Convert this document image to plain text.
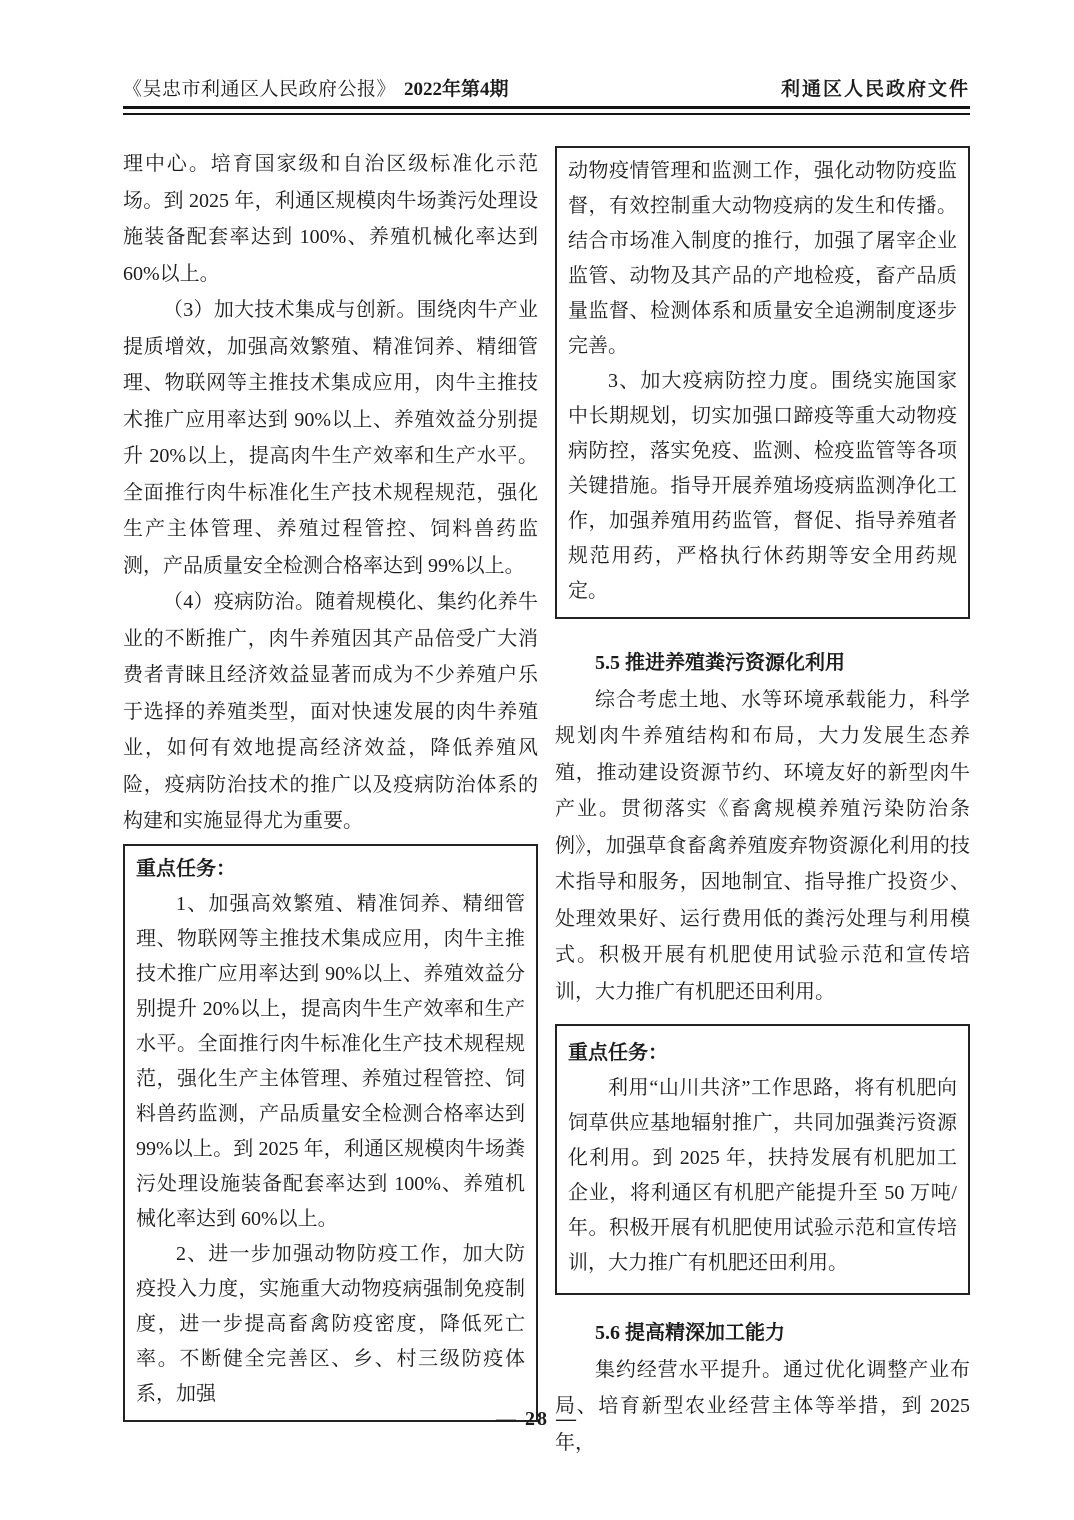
《吴忠市利通区人民政府公报》 2022年第4期	利通区人民政府文件

理中心。培育国家级和自治区级标准化示范场。到 2025 年，利通区规模肉牛场粪污处理设施装备配套率达到 100%、养殖机械化率达到 60%以上。

（3）加大技术集成与创新。围绕肉牛产业提质增效，加强高效繁殖、精准饲养、精细管理、物联网等主推技术集成应用，肉牛主推技术推广应用率达到 90%以上、养殖效益分别提升 20%以上，提高肉牛生产效率和生产水平。全面推行肉牛标准化生产技术规程规范，强化生产主体管理、养殖过程管控、饲料兽药监测，产品质量安全检测合格率达到 99%以上。

（4）疫病防治。随着规模化、集约化养牛业的不断推广，肉牛养殖因其产品倍受广大消费者青睐且经济效益显著而成为不少养殖户乐于选择的养殖类型，面对快速发展的肉牛养殖业，如何有效地提高经济效益，降低养殖风险，疫病防治技术的推广以及疫病防治体系的构建和实施显得尤为重要。

重点任务：

1、加强高效繁殖、精准饲养、精细管理、物联网等主推技术集成应用，肉牛主推技术推广应用率达到 90%以上、养殖效益分别提升 20%以上，提高肉牛生产效率和生产水平。全面推行肉牛标准化生产技术规程规范，强化生产主体管理、养殖过程管控、饲料兽药监测，产品质量安全检测合格率达到 99%以上。到 2025 年，利通区规模肉牛场粪污处理设施装备配套率达到 100%、养殖机械化率达到 60%以上。

2、进一步加强动物防疫工作，加大防疫投入力度，实施重大动物疫病强制免疫制度，进一步提高畜禽防疫密度，降低死亡率。不断健全完善区、乡、村三级防疫体系，加强

动物疫情管理和监测工作，强化动物防疫监督，有效控制重大动物疫病的发生和传播。结合市场准入制度的推行，加强了屠宰企业监管、动物及其产品的产地检疫，畜产品质量监督、检测体系和质量安全追溯制度逐步完善。

3、加大疫病防控力度。围绕实施国家中长期规划，切实加强口蹄疫等重大动物疫病防控，落实免疫、监测、检疫监管等各项关键措施。指导开展养殖场疫病监测净化工作，加强养殖用药监管，督促、指导养殖者规范用药，严格执行休药期等安全用药规定。

5.5 推进养殖粪污资源化利用

综合考虑土地、水等环境承载能力，科学规划肉牛养殖结构和布局，大力发展生态养殖，推动建设资源节约、环境友好的新型肉牛产业。贯彻落实《畜禽规模养殖污染防治条例》，加强草食畜禽养殖废弃物资源化利用的技术指导和服务，因地制宜、指导推广投资少、处理效果好、运行费用低的粪污处理与利用模式。积极开展有机肥使用试验示范和宣传培训，大力推广有机肥还田利用。

重点任务：

利用“山川共济”工作思路，将有机肥向饲草供应基地辐射推广，共同加强粪污资源化利用。到 2025 年，扶持发展有机肥加工企业，将利通区有机肥产能提升至 50 万吨/年。积极开展有机肥使用试验示范和宣传培训，大力推广有机肥还田利用。

5.6 提高精深加工能力

集约经营水平提升。通过优化调整产业布局、培育新型农业经营主体等举措，到 2025 年，

— 28 —
